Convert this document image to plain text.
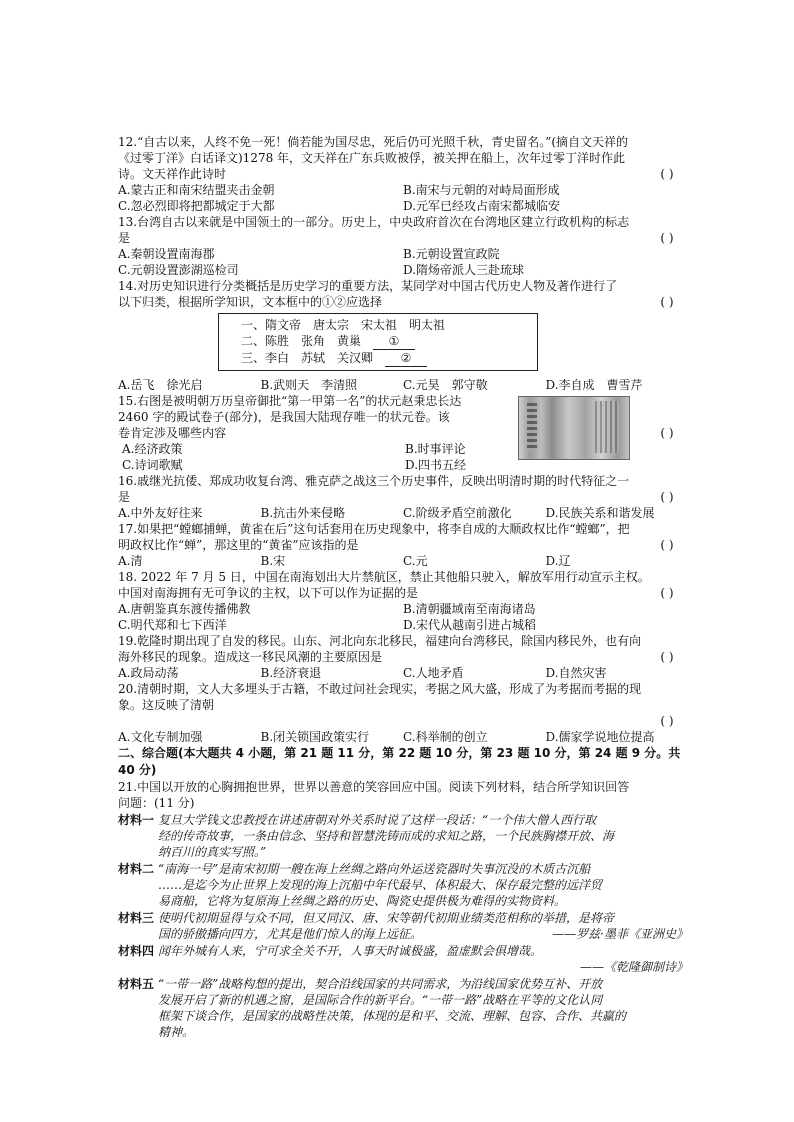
12.“自古以来，人终不免一死！倘若能为国尽忠，死后仍可光照千秋，青史留名。”(摘自文天祥的
《过零丁洋》白话译文)1278 年，文天祥在广东兵败被俘，被关押在船上，次年过零丁洋时作此
( )
诗。文天祥作此诗时
A.蒙古正和南宋结盟夹击金朝	B.南宋与元朝的对峙局面形成
C.忽必烈即将把都城定于大都	D.元军已经攻占南宋都城临安
13.台湾自古以来就是中国领土的一部分。历史上，中央政府首次在台湾地区建立行政机构的标志
( )
是
A.秦朝设置南海郡	B.元朝设置宣政院
C.元朝设置澎湖巡检司	D.隋炀帝派人三赴琉球
14.对历史知识进行分类概括是历史学习的重要方法，某同学对中国古代历史人物及著作进行了
( )
以下归类，根据所学知识，文本框中的①②应选择
一、隋文帝　唐太宗　宋太祖　明太祖
二、陈胜　张角　黄巢　①
三、李白　苏轼　关汉卿　②
A.岳飞　徐光启	B.武则天　李清照	C.元昊　郭守敬	D.李自成　曹雪芹
15.右图是被明朝万历皇帝御批“第一甲第一名”的状元赵秉忠长达
2460 字的殿试卷子(部分)，是我国大陆现存唯一的状元卷。该
( )
卷肯定涉及哪些内容
A.经济政策	B.时事评论
C.诗词歌赋	D.四书五经
16.戚继光抗倭、郑成功收复台湾、雅克萨之战这三个历史事件，反映出明清时期的时代特征之一
( )
是
A.中外友好往来	B.抗击外来侵略	C.阶级矛盾空前激化	D.民族关系和谐发展
17.如果把“螳螂捕蝉，黄雀在后”这句话套用在历史现象中，将李自成的大顺政权比作“螳螂”，把
( )
明政权比作“蝉”，那这里的“黄雀”应该指的是
A.清	B.宋	C.元	D.辽
18. 2022 年 7 月 5 日，中国在南海划出大片禁航区，禁止其他船只驶入，解放军用行动宣示主权。
( )
中国对南海拥有无可争议的主权，以下可以作为证据的是
A.唐朝鉴真东渡传播佛教	B.清朝疆域南至南海诸岛
C.明代郑和七下西洋	D.宋代从越南引进占城稻
19.乾隆时期出现了自发的移民。山东、河北向东北移民，福建向台湾移民，除国内移民外，也有向
( )
海外移民的现象。造成这一移民风潮的主要原因是
A.政局动荡	B.经济衰退	C.人地矛盾	D.自然灾害
20.清朝时期，文人大多埋头于古籍，不敢过问社会现实，考据之风大盛，形成了为考据而考据的现
象。这反映了清朝
( )

A.文化专制加强	B.闭关锁国政策实行	C.科举制的创立	D.儒家学说地位提高
二、综合题(本大题共 4 小题，第 21 题 11 分，第 22 题 10 分，第 23 题 10 分，第 24 题 9 分。共 40 分)
21.中国以开放的心胸拥抱世界，世界以善意的笑容回应中国。阅读下列材料，结合所学知识回答
问题：(11 分)
材料一 复旦大学钱文忠教授在讲述唐朝对外关系时说了这样一段话：“一个伟大僧人西行取
经的传奇故事，一条由信念、坚持和智慧洗铸而成的求知之路，一个民族胸襟开放、海
纳百川的真实写照。”
材料二 “南海一号”是南宋初期一艘在海上丝绸之路向外运送瓷器时失事沉没的木质古沉船
……是迄今为止世界上发现的海上沉船中年代最早、体积最大、保存最完整的远洋贸
易商船，它将为复原海上丝绸之路的历史、陶瓷史提供极为难得的实物资料。
材料三 使明代初期显得与众不同，但又同汉、唐、宋等朝代初期业绩类范相称的举措，是将帝
——罗兹·墨菲《亚洲史》
国的骄傲播向四方，尤其是他们惊人的海上远征。
材料四 闻年外城有人来，宁可求全关不开，人事天时诚极盛，盈虚默会俱增哉。
——《乾隆御制诗》
材料五 “一带一路”战略构想的提出，契合沿线国家的共同需求，为沿线国家优势互补、开放
发展开启了新的机遇之窗，是国际合作的新平台。“一带一路”战略在平等的文化认同
框架下谈合作，是国家的战略性决策，体现的是和平、交流、理解、包容、合作、共赢的
精神。
